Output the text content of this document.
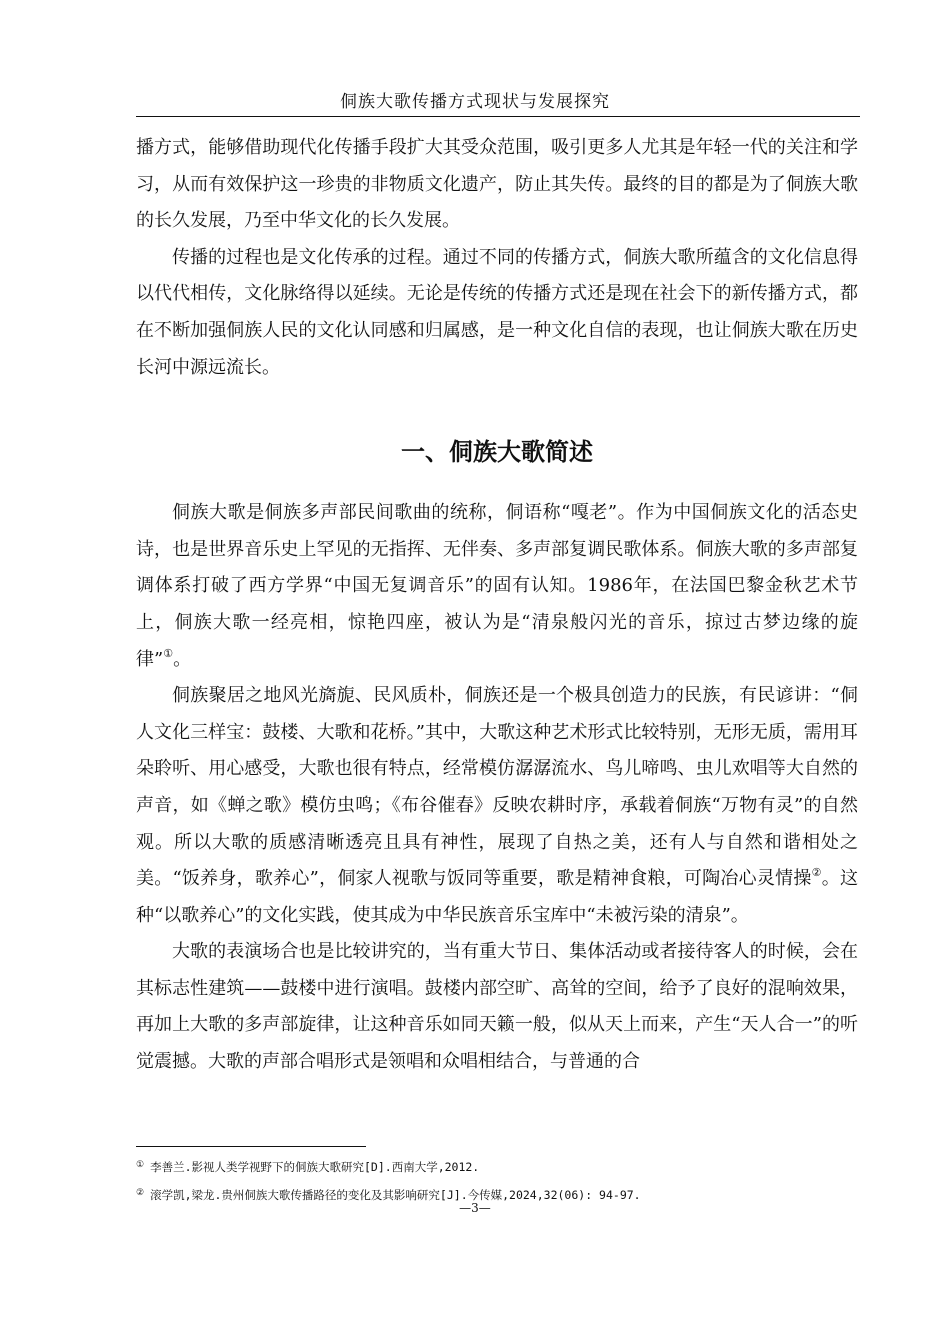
侗族大歌传播方式现状与发展探究

播方式，能够借助现代化传播手段扩大其受众范围，吸引更多人尤其是年轻一代的关注和学习，从而有效保护这一珍贵的非物质文化遗产，防止其失传。最终的目的都是为了侗族大歌的长久发展，乃至中华文化的长久发展。

传播的过程也是文化传承的过程。通过不同的传播方式，侗族大歌所蕴含的文化信息得以代代相传，文化脉络得以延续。无论是传统的传播方式还是现在社会下的新传播方式，都在不断加强侗族人民的文化认同感和归属感，是一种文化自信的表现，也让侗族大歌在历史长河中源远流长。

一、侗族大歌简述

侗族大歌是侗族多声部民间歌曲的统称，侗语称“嘎老”。作为中国侗族文化的活态史诗，也是世界音乐史上罕见的无指挥、无伴奏、多声部复调民歌体系。侗族大歌的多声部复调体系打破了西方学界“中国无复调音乐”的固有认知。1986年，在法国巴黎金秋艺术节上，侗族大歌一经亮相，惊艳四座，被认为是“清泉般闪光的音乐，掠过古梦边缘的旋律”①。

侗族聚居之地风光旖旎、民风质朴，侗族还是一个极具创造力的民族，有民谚讲：“侗人文化三样宝：鼓楼、大歌和花桥。”其中，大歌这种艺术形式比较特别，无形无质，需用耳朵聆听、用心感受，大歌也很有特点，经常模仿潺潺流水、鸟儿啼鸣、虫儿欢唱等大自然的声音，如《蝉之歌》模仿虫鸣；《布谷催春》反映农耕时序，承载着侗族“万物有灵”的自然观。所以大歌的质感清晰透亮且具有神性，展现了自热之美，还有人与自然和谐相处之美。“饭养身，歌养心”，侗家人视歌与饭同等重要，歌是精神食粮，可陶冶心灵情操②。这种“以歌养心”的文化实践，使其成为中华民族音乐宝库中“未被污染的清泉”。

大歌的表演场合也是比较讲究的，当有重大节日、集体活动或者接待客人的时候，会在其标志性建筑——鼓楼中进行演唱。鼓楼内部空旷、高耸的空间，给予了良好的混响效果，再加上大歌的多声部旋律，让这种音乐如同天籁一般，似从天上而来，产生“天人合一”的听觉震撼。大歌的声部合唱形式是领唱和众唱相结合，与普通的合

① 李善兰.影视人类学视野下的侗族大歌研究[D].西南大学,2012.

② 滚学凯,梁龙.贵州侗族大歌传播路径的变化及其影响研究[J].今传媒,2024,32(06): 94-97.

—3—
